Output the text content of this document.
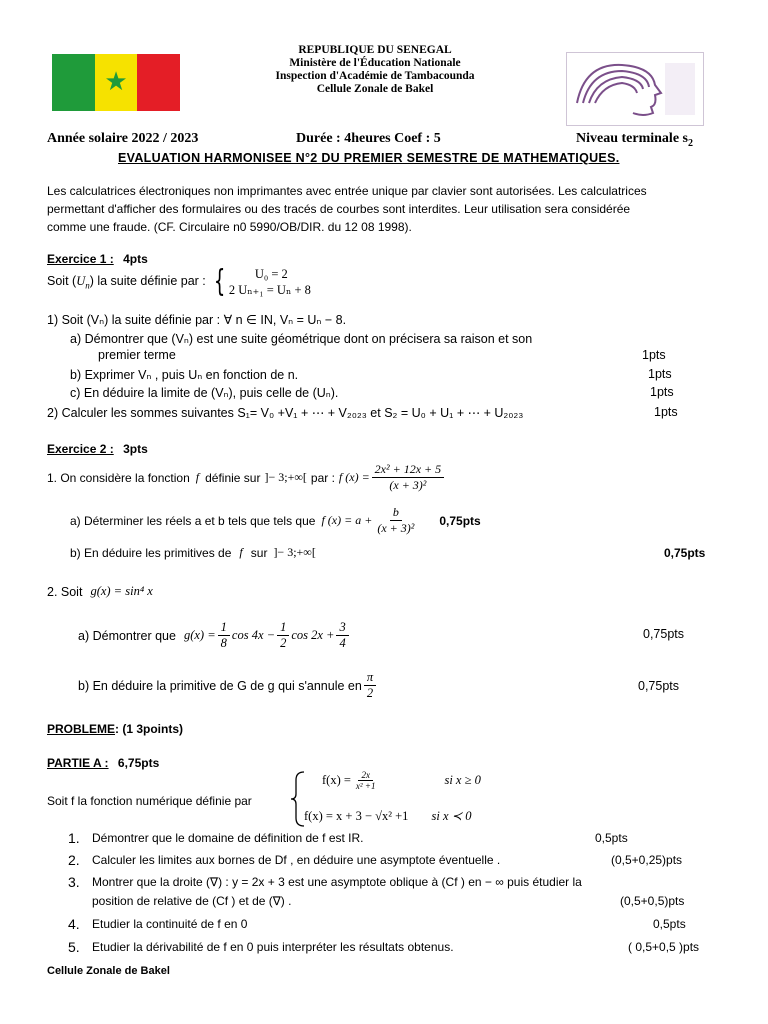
★
REPUBLIQUE DU SENEGAL
Ministère de l'Éducation Nationale
Inspection d'Académie de Tambacounda
Cellule Zonale de Bakel
Année solaire 2022 / 2023	Durée : 4heures Coef : 5	Niveau terminale $s_2$
EVALUATION HARMONISEE N°2 DU PREMIER SEMESTRE DE MATHEMATIQUES.
Les calculatrices électroniques non imprimantes avec entrée unique par clavier sont autorisées. Les calculatrices
permettant d'afficher des formulaires ou des tracés de courbes sont interdites. Leur utilisation sera considérée
comme une fraude. (CF. Circulaire n0 5990/OB/DIR. du 12 08 1998).
Exercice 1 : 4pts
Soit $(U_n)$ la suite définie par : {	U₀ = 2
2 Uₙ₊₁ = Uₙ + 8
1) Soit (Vₙ) la suite définie par : ∀ n ∈ IN, Vₙ = Uₙ − 8.
a) Démontrer que (Vₙ) est une suite géométrique dont on précisera sa raison et son
premier terme	1pts
b) Exprimer Vₙ , puis Uₙ en fonction de n.	1pts
c) En déduire la limite de (Vₙ), puis celle de (Uₙ).	1pts
2) Calculer les sommes suivantes S₁= V₀ +V₁ + ⋯ + V₂₀₂₃ et S₂ = U₀ + U₁ + ⋯ + U₂₀₂₃	1pts
Exercice 2 : 3pts
1. On considère la fonction f définie sur ]− 3;+∞[ par : f $(x) = \frac{\text{2x² + 12x + 5}}{\text{(x + 3)²}}$
a) Déterminer les réels a et b tels que tels que f $(x) = a + \frac{b}{\text{(x + 3)²}} 0,75pts$
b) En déduire les primitives de f sur ]− 3;+∞[	0,75pts
2. Soit g(x) = sin⁴ x
a) Démontrer que $g(x) = \frac{1}{8}$ $\cos 4x - \frac{1}{2}$ $\cos 2x + \frac{3}{4}$	0,75pts
b) En déduire la primitive de G de g qui s'annule en $\frac{\pi}{2}$	0,75pts
PROBLEME: (1 3points)
PARTIE A : 6,75pts
Soit f la fonction numérique définie par
$f(x) = \frac{2x}{\text{x² +1}}$	si x ≥ 0
f(x) = x + 3 − √x² +1 si x ≺ 0
1. Démontrer que le domaine de définition de f est IR.	0,5pts
2. Calculer les limites aux bornes de Df , en déduire une asymptote éventuelle .	(0,5+0,25)pts
3. Montrer que la droite (∇) : y = 2x + 3 est une asymptote oblique à (Cf ) en − ∞ puis étudier la
position de relative de (Cf ) et de (∇) .	(0,5+0,5)pts
4. Etudier la continuité de f en 0	0,5pts
5. Etudier la dérivabilité de f en 0 puis interpréter les résultats obtenus.	( 0,5+0,5 )pts
Cellule Zonale de Bakel
